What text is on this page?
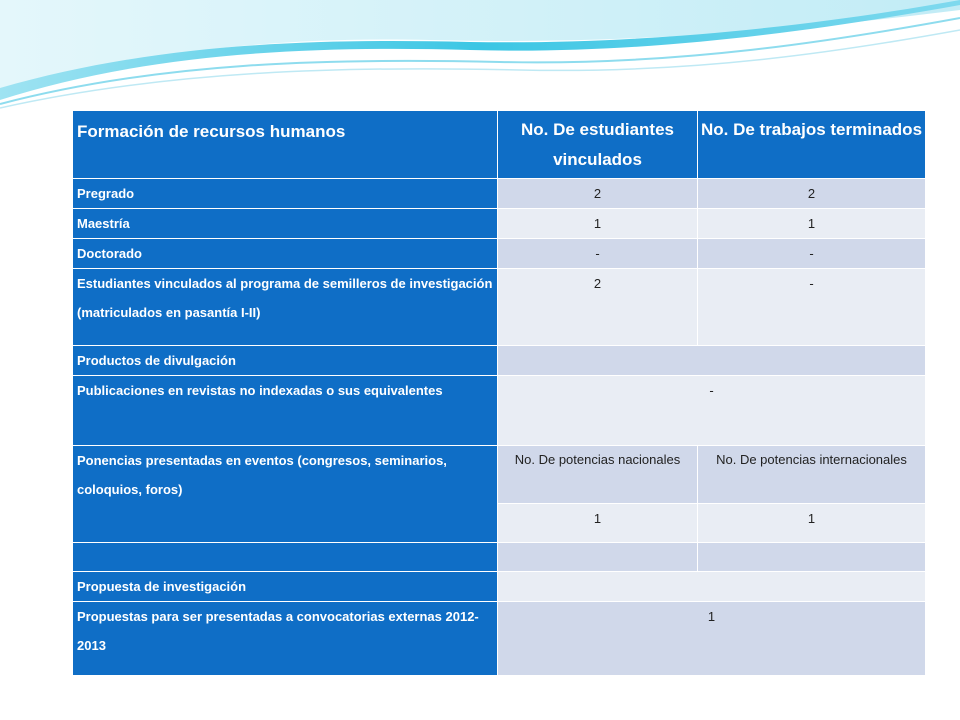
Formación de recursos humanos	No. De estudiantes vinculados	No. De trabajos terminados
Pregrado	2	2
Maestría	1	1
Doctorado	-	-
Estudiantes vinculados al programa de semilleros de investigación (matriculados en pasantía I-II)	2	-
Productos de divulgación		
Publicaciones en revistas no indexadas o sus equivalentes	-	
Ponencias presentadas en eventos (congresos, seminarios, coloquios, foros)	No. De potencias nacionales	No. De potencias internacionales
	1	1

Propuesta de investigación		
Propuestas para ser presentadas a convocatorias externas 2012-2013	1	
